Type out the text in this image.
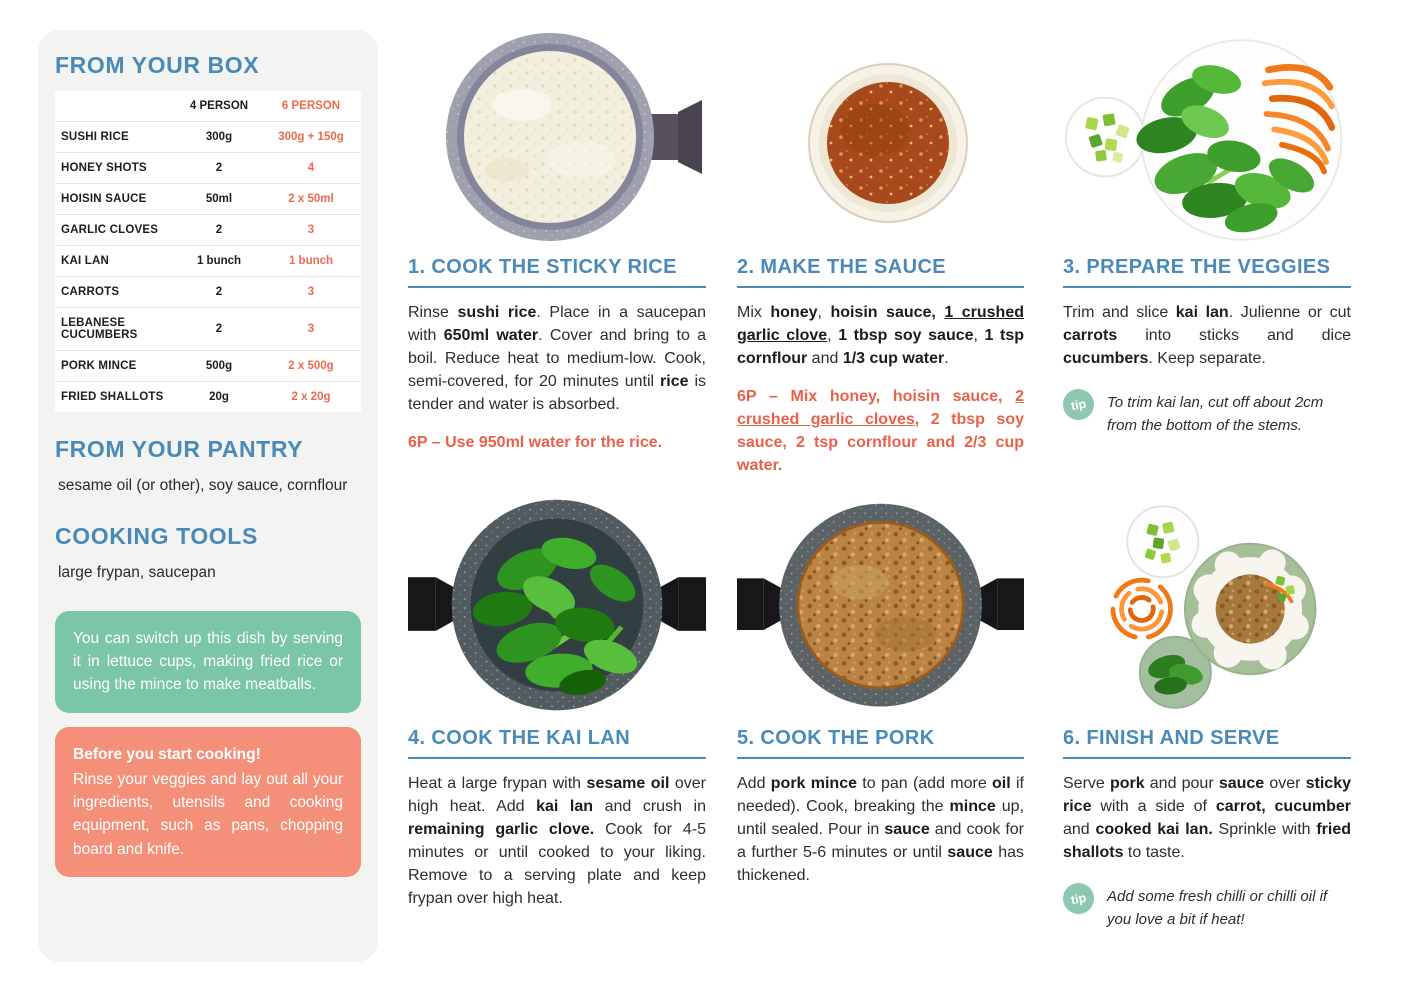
FROM YOUR BOX
	4 PERSON	6 PERSON
SUSHI RICE	300g	300g + 150g
HONEY SHOTS	2	4
HOISIN SAUCE	50ml	2 x 50ml
GARLIC CLOVES	2	3
KAI LAN	1 bunch	1 bunch
CARROTS	2	3
LEBANESE CUCUMBERS	2	3
PORK MINCE	500g	2 x 500g
FRIED SHALLOTS	20g	2 x 20g
FROM YOUR PANTRY

sesame oil (or other), soy sauce, cornflour

COOKING TOOLS

large frypan, saucepan

You can switch up this dish by serving it in lettuce cups, making fried rice or using the mince to make meatballs.
Before you start cooking!
Rinse your veggies and lay out all your ingredients, utensils and cooking equipment, such as pans, chopping board and knife.
1. COOK THE STICKY RICE

Rinse sushi rice. Place in a saucepan with 650ml water. Cover and bring to a boil. Reduce heat to medium-low. Cook, semi-covered, for 20 minutes until rice is tender and water is absorbed.

6P – Use 950ml water for the rice.

2. MAKE THE SAUCE

Mix honey, hoisin sauce, 1 crushed garlic clove, 1 tbsp soy sauce, 1 tsp cornflour and 1/3 cup water.

6P – Mix honey, hoisin sauce, 2 crushed garlic cloves, 2 tbsp soy sauce, 2 tsp cornflour and 2/3 cup water.

3. PREPARE THE VEGGIES

Trim and slice kai lan. Julienne or cut carrots into sticks and dice cucumbers. Keep separate.

tip	To trim kai lan, cut off about 2cm from the bottom of the stems.

4. COOK THE KAI LAN

Heat a large frypan with sesame oil over high heat. Add kai lan and crush in remaining garlic clove. Cook for 4-5 minutes or until cooked to your liking. Remove to a serving plate and keep frypan over high heat.

5. COOK THE PORK

Add pork mince to pan (add more oil if needed). Cook, breaking the mince up, until sealed. Pour in sauce and cook for a further 5-6 minutes or until sauce has thickened.

6. FINISH AND SERVE

Serve pork and pour sauce over sticky rice with a side of carrot, cucumber and cooked kai lan. Sprinkle with fried shallots to taste.

tip	Add some fresh chilli or chilli oil if you love a bit if heat!
